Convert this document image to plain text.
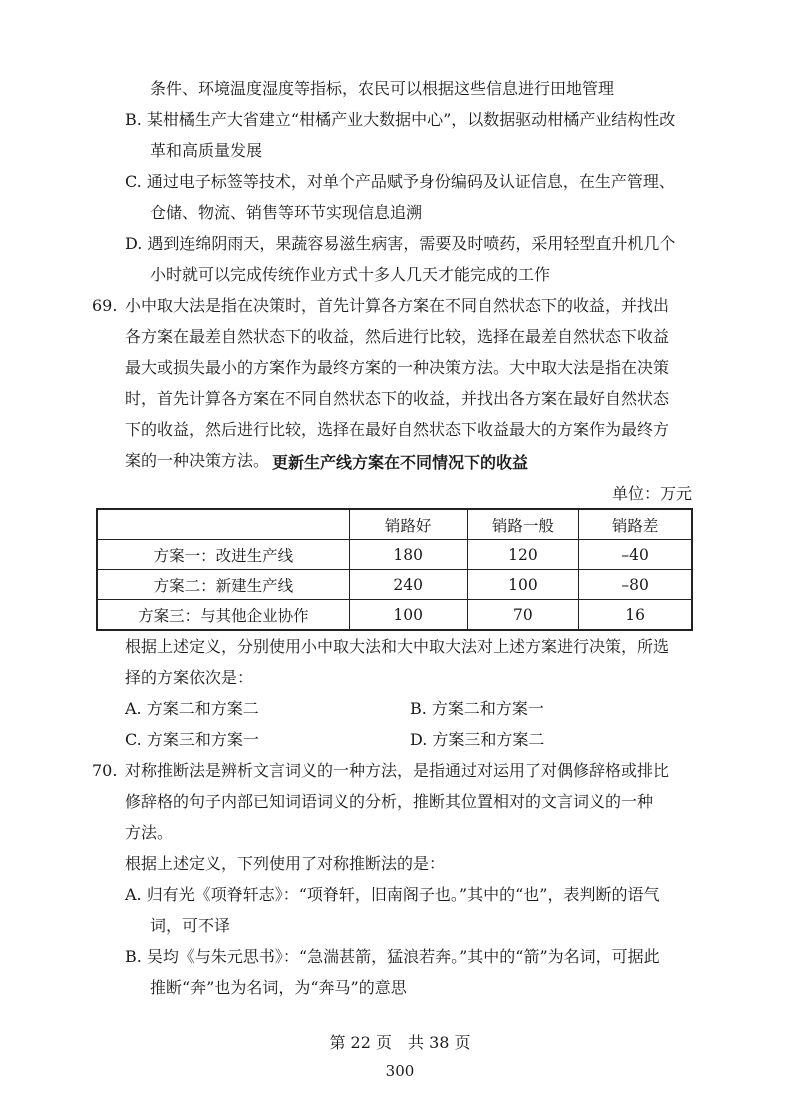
条件、环境温度湿度等指标，农民可以根据这些信息进行田地管理
B. 某柑橘生产大省建立“柑橘产业大数据中心”，以数据驱动柑橘产业结构性改
革和高质量发展
C. 通过电子标签等技术，对单个产品赋予身份编码及认证信息，在生产管理、
仓储、物流、销售等环节实现信息追溯
D. 遇到连绵阴雨天，果蔬容易滋生病害，需要及时喷药，采用轻型直升机几个
小时就可以完成传统作业方式十多人几天才能完成的工作
69. 小中取大法是指在决策时，首先计算各方案在不同自然状态下的收益，并找出
各方案在最差自然状态下的收益，然后进行比较，选择在最差自然状态下收益
最大或损失最小的方案作为最终方案的一种决策方法。大中取大法是指在决策
时，首先计算各方案在不同自然状态下的收益，并找出各方案在最好自然状态
下的收益，然后进行比较，选择在最好自然状态下收益最大的方案作为最终方
案的一种决策方法。 更新生产线方案在不同情况下的收益
单位：万元
	销路好	销路一般	销路差
方案一：改进生产线	180	120	–40
方案二：新建生产线	240	100	–80
方案三：与其他企业协作	100	70	16
根据上述定义，分别使用小中取大法和大中取大法对上述方案进行决策，所选
择的方案依次是：
A. 方案二和方案二	B. 方案二和方案一
C. 方案三和方案一	D. 方案三和方案二
70. 对称推断法是辨析文言词义的一种方法，是指通过对运用了对偶修辞格或排比
修辞格的句子内部已知词语词义的分析，推断其位置相对的文言词义的一种
方法。
根据上述定义，下列使用了对称推断法的是：
A. 归有光《项脊轩志》：“项脊轩，旧南阁子也。”其中的“也”，表判断的语气
词，可不译
B. 吴均《与朱元思书》：“急湍甚箭，猛浪若奔。”其中的“箭”为名词，可据此
推断“奔”也为名词，为“奔马”的意思
第 22 页　共 38 页
300
